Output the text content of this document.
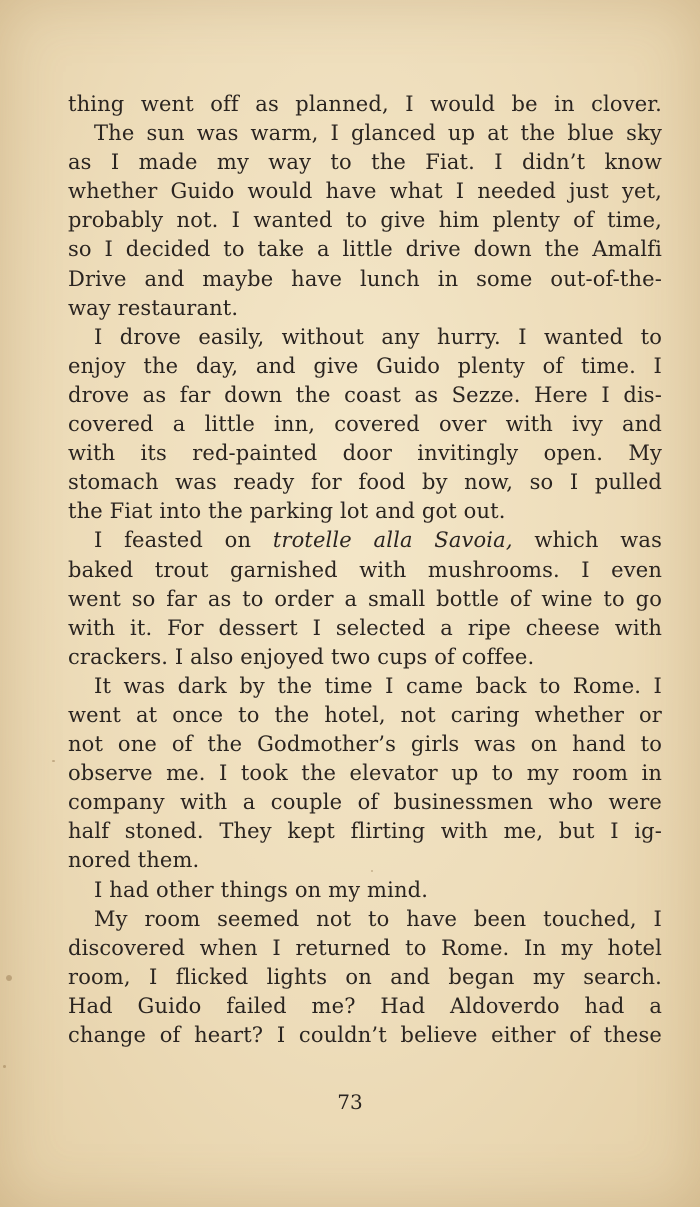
thing went off as planned, I would be in clover.
The sun was warm, I glanced up at the blue sky
as I made my way to the Fiat. I didn’t know
whether Guido would have what I needed just yet,
probably not. I wanted to give him plenty of time,
so I decided to take a little drive down the Amalfi
Drive and maybe have lunch in some out-of-the-
way restaurant.
I drove easily, without any hurry. I wanted to
enjoy the day, and give Guido plenty of time. I
drove as far down the coast as Sezze. Here I dis-
covered a little inn, covered over with ivy and
with its red-painted door invitingly open. My
stomach was ready for food by now, so I pulled
the Fiat into the parking lot and got out.
I feasted on trotelle alla Savoia, which was
baked trout garnished with mushrooms. I even
went so far as to order a small bottle of wine to go
with it. For dessert I selected a ripe cheese with
crackers. I also enjoyed two cups of coffee.
It was dark by the time I came back to Rome. I
went at once to the hotel, not caring whether or
not one of the Godmother’s girls was on hand to
observe me. I took the elevator up to my room in
company with a couple of businessmen who were
half stoned. They kept flirting with me, but I ig-
nored them.
I had other things on my mind.
My room seemed not to have been touched, I
discovered when I returned to Rome. In my hotel
room, I flicked lights on and began my search.
Had Guido failed me? Had Aldoverdo had a
change of heart? I couldn’t believe either of these
73
